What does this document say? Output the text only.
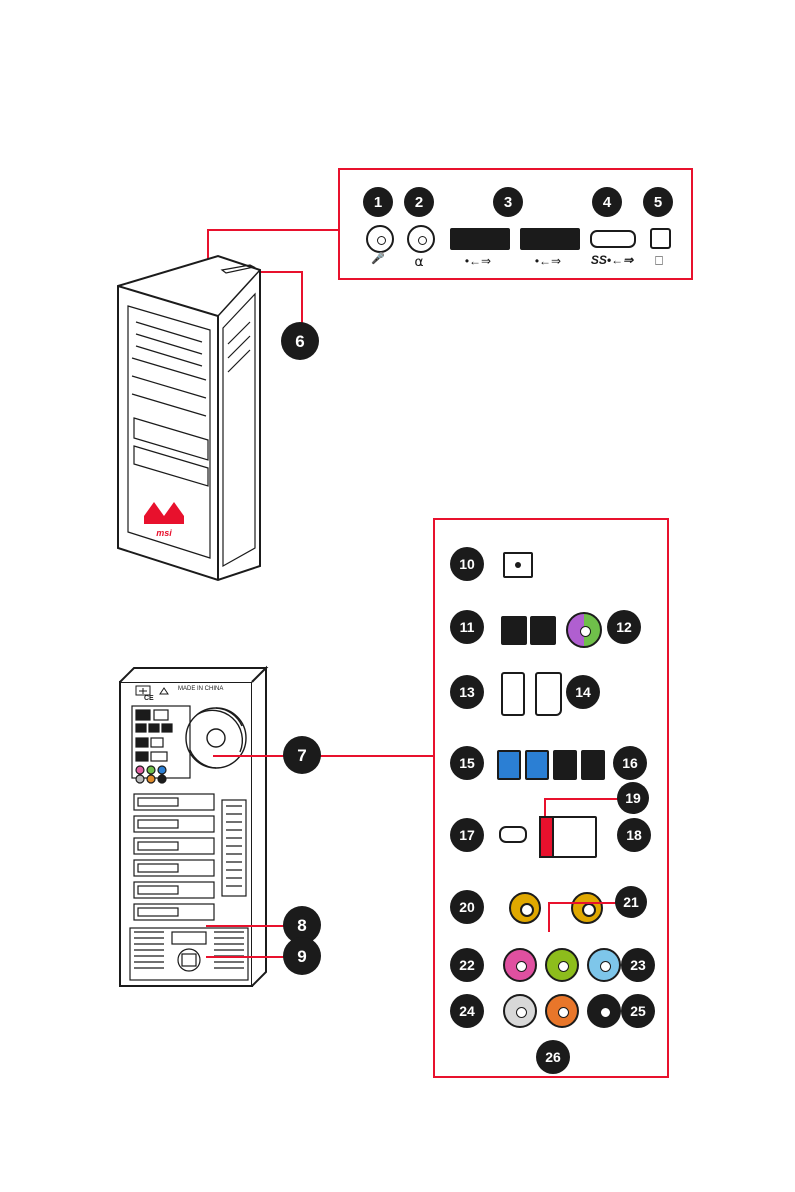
1	2	3	4	5
🎤	⍺	•←⇒	•←⇒	SS•←⇒	⎕
6
msi
MADE IN CHINA
CE
7
8
9
10
11	12
13	14
15	16
17
19
18
20	21
22	23
24	25
26
